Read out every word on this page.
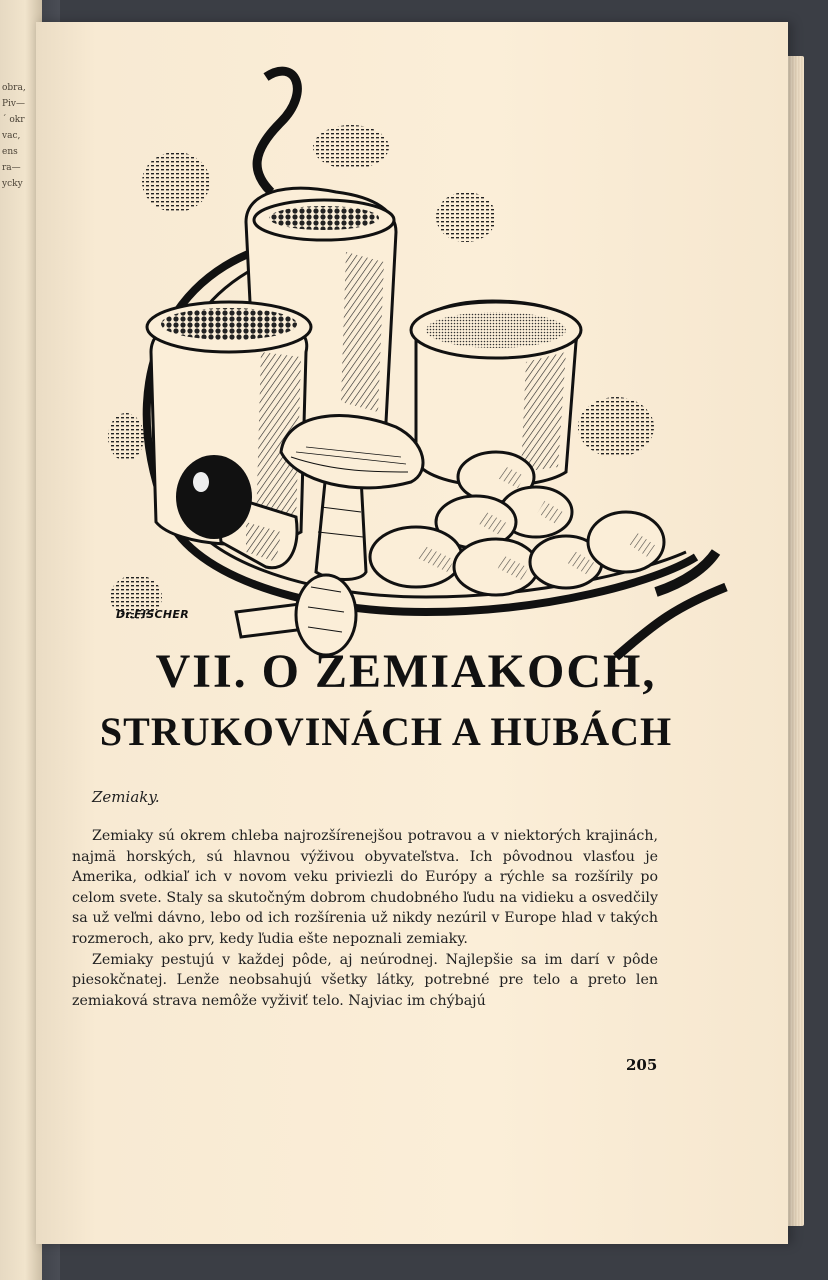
obra,
Piv—
´ okr
vac,
ens
ra—
ycky
Dr.FISCHER
VII. O ZEMIAKOCH,
STRUKOVINÁCH A HUBÁCH
Zemiaky.

Zemiaky sú okrem chleba najrozšírenejšou potravou a v niektorých krajinách, najmä horských, sú hlavnou výživou obyvateľstva. Ich pôvodnou vlasťou je Amerika, odkiaľ ich v novom veku priviezli do Európy a rýchle sa rozšírily po celom svete. Staly sa skutočným dobrom chudobného ľudu na vidieku a osvedčily sa už veľmi dávno, lebo od ich rozšírenia už nikdy nezúril v Europe hlad v takých rozmeroch, ako prv, kedy ľudia ešte nepoznali zemiaky.

Zemiaky pestujú v každej pôde, aj neúrodnej. Najlepšie sa im darí v pôde piesokčnatej. Lenže neobsahujú všetky látky, potrebné pre telo a preto len zemiaková strava nemôže vyživiť telo. Najviac im chýbajú

205
